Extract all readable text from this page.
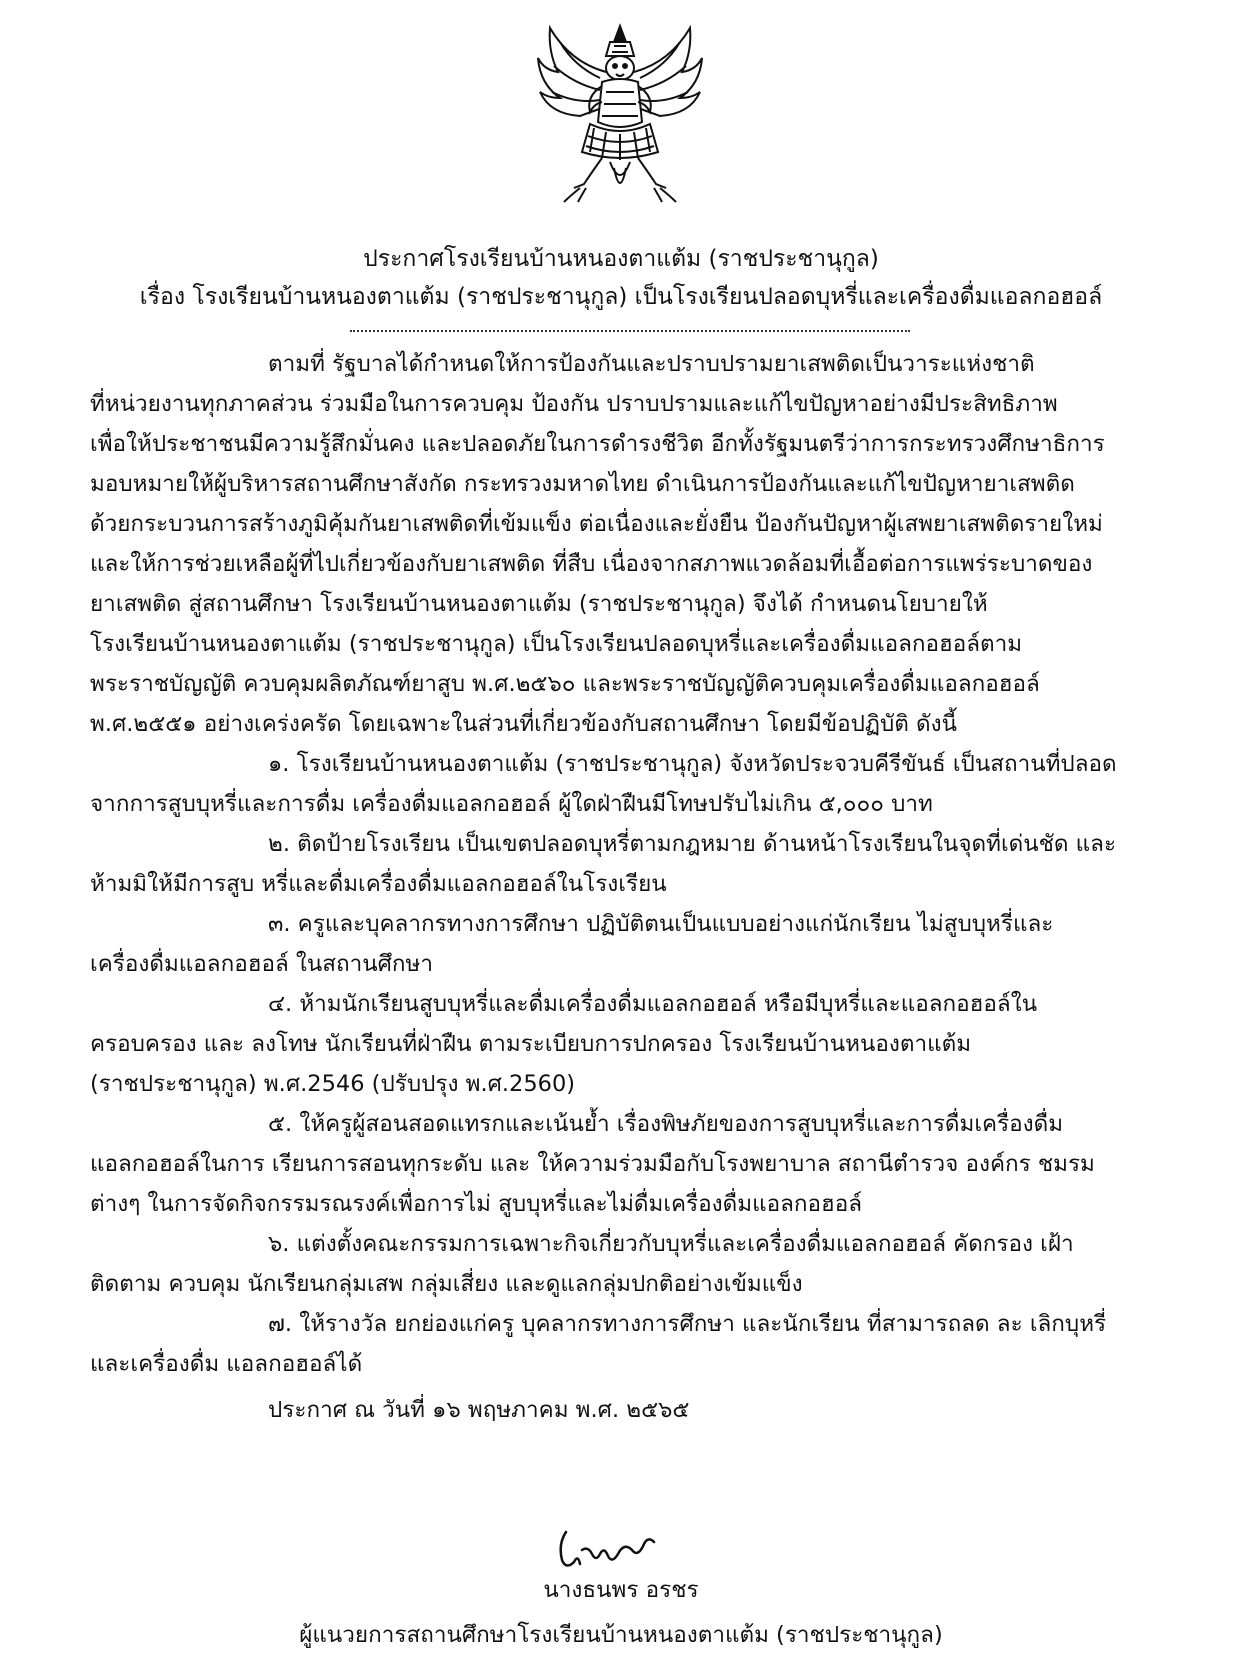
ประกาศโรงเรียนบ้านหนองตาแต้ม (ราชประชานุกูล)
เรื่อง โรงเรียนบ้านหนองตาแต้ม (ราชประชานุกูล) เป็นโรงเรียนปลอดบุหรี่และเครื่องดื่มแอลกอฮอล์
ตามที่ รัฐบาลได้กำหนดให้การป้องกันและปราบปรามยาเสพติดเป็นวาระแห่งชาติ
ที่หน่วยงานทุกภาคส่วน ร่วมมือในการควบคุม ป้องกัน ปราบปรามและแก้ไขปัญหาอย่างมีประสิทธิภาพ
เพื่อให้ประชาชนมีความรู้สึกมั่นคง และปลอดภัยในการดำรงชีวิต อีกทั้งรัฐมนตรีว่าการกระทรวงศึกษาธิการ
มอบหมายให้ผู้บริหารสถานศึกษาสังกัด กระทรวงมหาดไทย ดำเนินการป้องกันและแก้ไขปัญหายาเสพติด
ด้วยกระบวนการสร้างภูมิคุ้มกันยาเสพติดที่เข้มแข็ง ต่อเนื่องและยั่งยืน ป้องกันปัญหาผู้เสพยาเสพติดรายใหม่
และให้การช่วยเหลือผู้ที่ไปเกี่ยวข้องกับยาเสพติด ที่สืบ เนื่องจากสภาพแวดล้อมที่เอื้อต่อการแพร่ระบาดของ
ยาเสพติด สู่สถานศึกษา โรงเรียนบ้านหนองตาแต้ม (ราชประชานุกูล) จึงได้ กำหนดนโยบายให้
โรงเรียนบ้านหนองตาแต้ม (ราชประชานุกูล) เป็นโรงเรียนปลอดบุหรี่และเครื่องดื่มแอลกอฮอล์ตาม
พระราชบัญญัติ ควบคุมผลิตภัณฑ์ยาสูบ พ.ศ.๒๕๖๐ และพระราชบัญญัติควบคุมเครื่องดื่มแอลกอฮอล์
พ.ศ.๒๕๕๑ อย่างเคร่งครัด โดยเฉพาะในส่วนที่เกี่ยวข้องกับสถานศึกษา โดยมีข้อปฏิบัติ ดังนี้
๑. โรงเรียนบ้านหนองตาแต้ม (ราชประชานุกูล) จังหวัดประจวบคีรีขันธ์ เป็นสถานที่ปลอด
จากการสูบบุหรี่และการดื่ม เครื่องดื่มแอลกอฮอล์ ผู้ใดฝ่าฝืนมีโทษปรับไม่เกิน ๕,๐๐๐ บาท
๒. ติดป้ายโรงเรียน เป็นเขตปลอดบุหรี่ตามกฎหมาย ด้านหน้าโรงเรียนในจุดที่เด่นชัด และ
ห้ามมิให้มีการสูบ หรี่และดื่มเครื่องดื่มแอลกอฮอล์ในโรงเรียน
๓. ครูและบุคลากรทางการศึกษา ปฏิบัติตนเป็นแบบอย่างแก่นักเรียน ไม่สูบบุหรี่และ
เครื่องดื่มแอลกอฮอล์ ในสถานศึกษา
๔. ห้ามนักเรียนสูบบุหรี่และดื่มเครื่องดื่มแอลกอฮอล์ หรือมีบุหรี่และแอลกอฮอล์ใน
ครอบครอง และ ลงโทษ นักเรียนที่ฝ่าฝืน ตามระเบียบการปกครอง โรงเรียนบ้านหนองตาแต้ม
(ราชประชานุกูล) พ.ศ.2546 (ปรับปรุง พ.ศ.2560)
๕. ให้ครูผู้สอนสอดแทรกและเน้นย้ำ เรื่องพิษภัยของการสูบบุหรี่และการดื่มเครื่องดื่ม
แอลกอฮอล์ในการ เรียนการสอนทุกระดับ และ ให้ความร่วมมือกับโรงพยาบาล สถานีตำรวจ องค์กร ชมรม
ต่างๆ ในการจัดกิจกรรมรณรงค์เพื่อการไม่ สูบบุหรี่และไม่ดื่มเครื่องดื่มแอลกอฮอล์
๖. แต่งตั้งคณะกรรมการเฉพาะกิจเกี่ยวกับบุหรี่และเครื่องดื่มแอลกอฮอล์ คัดกรอง เฝ้า
ติดตาม ควบคุม นักเรียนกลุ่มเสพ กลุ่มเสี่ยง และดูแลกลุ่มปกติอย่างเข้มแข็ง
๗. ให้รางวัล ยกย่องแก่ครู บุคลากรทางการศึกษา และนักเรียน ที่สามารถลด ละ เลิกบุหรี่
และเครื่องดื่ม แอลกอฮอล์ได้
ประกาศ ณ วันที่ ๑๖ พฤษภาคม พ.ศ. ๒๕๖๕
นางธนพร อรชร
ผู้แนวยการสถานศึกษาโรงเรียนบ้านหนองตาแต้ม (ราชประชานุกูล)
